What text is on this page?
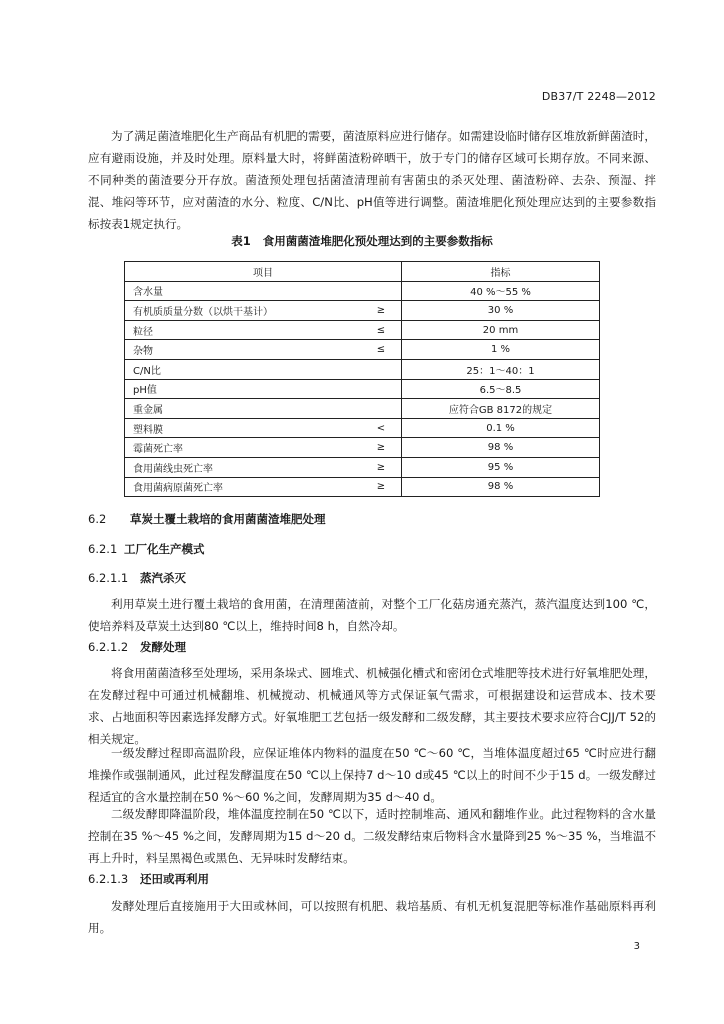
DB37/T 2248—2012

为了满足菌渣堆肥化生产商品有机肥的需要，菌渣原料应进行储存。如需建设临时储存区堆放新鲜菌渣时，应有避雨设施，并及时处理。原料量大时，将鲜菌渣粉碎晒干，放于专门的储存区域可长期存放。不同来源、不同种类的菌渣要分开存放。菌渣预处理包括菌渣清理前有害菌虫的杀灭处理、菌渣粉碎、去杂、预湿、拌混、堆闷等环节，应对菌渣的水分、粒度、C/N比、pH值等进行调整。菌渣堆肥化预处理应达到的主要参数指标按表1规定执行。

表1 食用菌菌渣堆肥化预处理达到的主要参数指标
项目		指标
含水量		40 %～55 %
有机质质量分数（以烘干基计）	≥	30 %
粒径	≤	20 mm
杂物	≤	1 %
C/N比		25：1～40：1
pH值		6.5～8.5
重金属		应符合GB 8172的规定
塑料膜	<	0.1 %
霉菌死亡率	≥	98 %
食用菌线虫死亡率	≥	95 %
食用菌病原菌死亡率	≥	98 %
6.2 草炭土覆土栽培的食用菌菌渣堆肥处理
6.2.1 工厂化生产模式
6.2.1.1 蒸汽杀灭

利用草炭土进行覆土栽培的食用菌，在清理菌渣前，对整个工厂化菇房通充蒸汽，蒸汽温度达到100 ℃，使培养料及草炭土达到80 ℃以上，维持时间8 h，自然冷却。

6.2.1.2 发酵处理

将食用菌菌渣移至处理场，采用条垛式、圆堆式、机械强化槽式和密闭仓式堆肥等技术进行好氧堆肥处理，在发酵过程中可通过机械翻堆、机械搅动、机械通风等方式保证氧气需求，可根据建设和运营成本、技术要求、占地面积等因素选择发酵方式。好氧堆肥工艺包括一级发酵和二级发酵，其主要技术要求应符合CJJ/T 52的相关规定。

一级发酵过程即高温阶段，应保证堆体内物料的温度在50 ℃～60 ℃，当堆体温度超过65 ℃时应进行翻堆操作或强制通风，此过程发酵温度在50 ℃以上保持7 d～10 d或45 ℃以上的时间不少于15 d。一级发酵过程适宜的含水量控制在50 %～60 %之间，发酵周期为35 d～40 d。

二级发酵即降温阶段，堆体温度控制在50 ℃以下，适时控制堆高、通风和翻堆作业。此过程物料的含水量控制在35 %～45 %之间，发酵周期为15 d～20 d。二级发酵结束后物料含水量降到25 %～35 %，当堆温不再上升时，料呈黑褐色或黑色、无异味时发酵结束。

6.2.1.3 还田或再利用

发酵处理后直接施用于大田或林间，可以按照有机肥、栽培基质、有机无机复混肥等标准作基础原料再利用。

3
